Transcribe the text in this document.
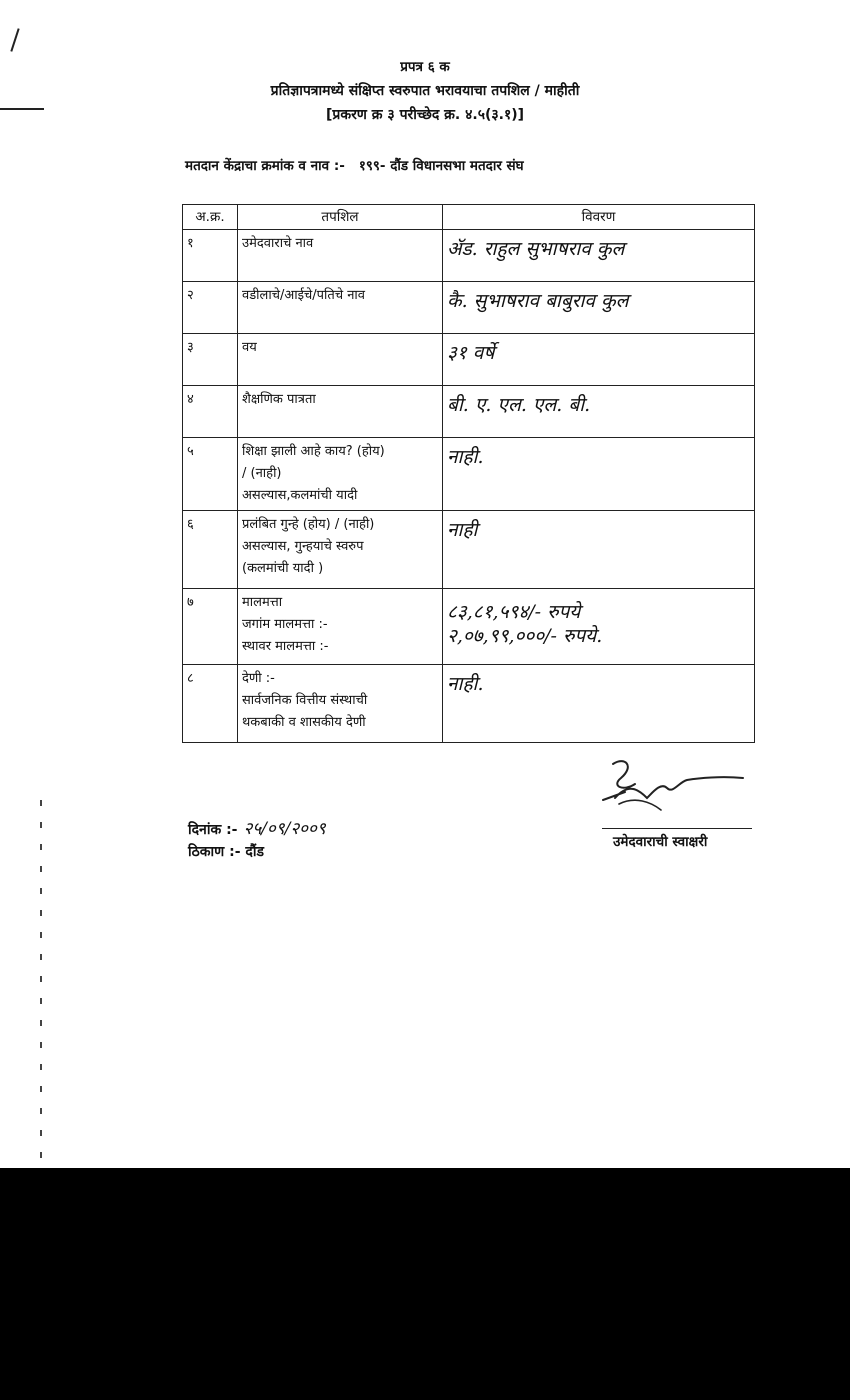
प्रपत्र ६ क
प्रतिज्ञापत्रामध्ये संक्षिप्त स्वरुपात भरावयाचा तपशिल / माहीती
[प्रकरण क्र ३ परीच्छेद क्र. ४.५(३.१)]
मतदान केंद्राचा क्रमांक व नाव :- १९९- दौंड विधानसभा मतदार संघ
अ.क्र.	तपशिल	विवरण
१	उमेदवाराचे नाव	ॲड. राहुल सुभाषराव कुल

२	वडीलाचे/आईचे/पतिचे नाव	कै. सुभाषराव बाबुराव कुल

३	वय	३१ वर्षे

४	शैक्षणिक पात्रता	बी. ए. एल. एल. बी.

५	शिक्षा झाली आहे काय? (होय)
/ (नाही)
असल्यास,कलमांची यादी	नाही.

६	प्रलंबित गुन्हे (होय) / (नाही)
असल्यास, गुन्हयाचे स्वरुप
(कलमांची यादी )	नाही

७	मालमत्ता
जगांम मालमत्ता :-
स्थावर मालमत्ता :-	८३,८१,५९४/- रुपये
२,०७,९९,०००/- रुपये.

८	देणी :-
सार्वजनिक वित्तीय संस्थाची
थकबाकी व शासकीय देणी	नाही.
दिनांक :- २५/०९/२००९
ठिकाण :- दौंड
उमेदवाराची स्वाक्षरी
